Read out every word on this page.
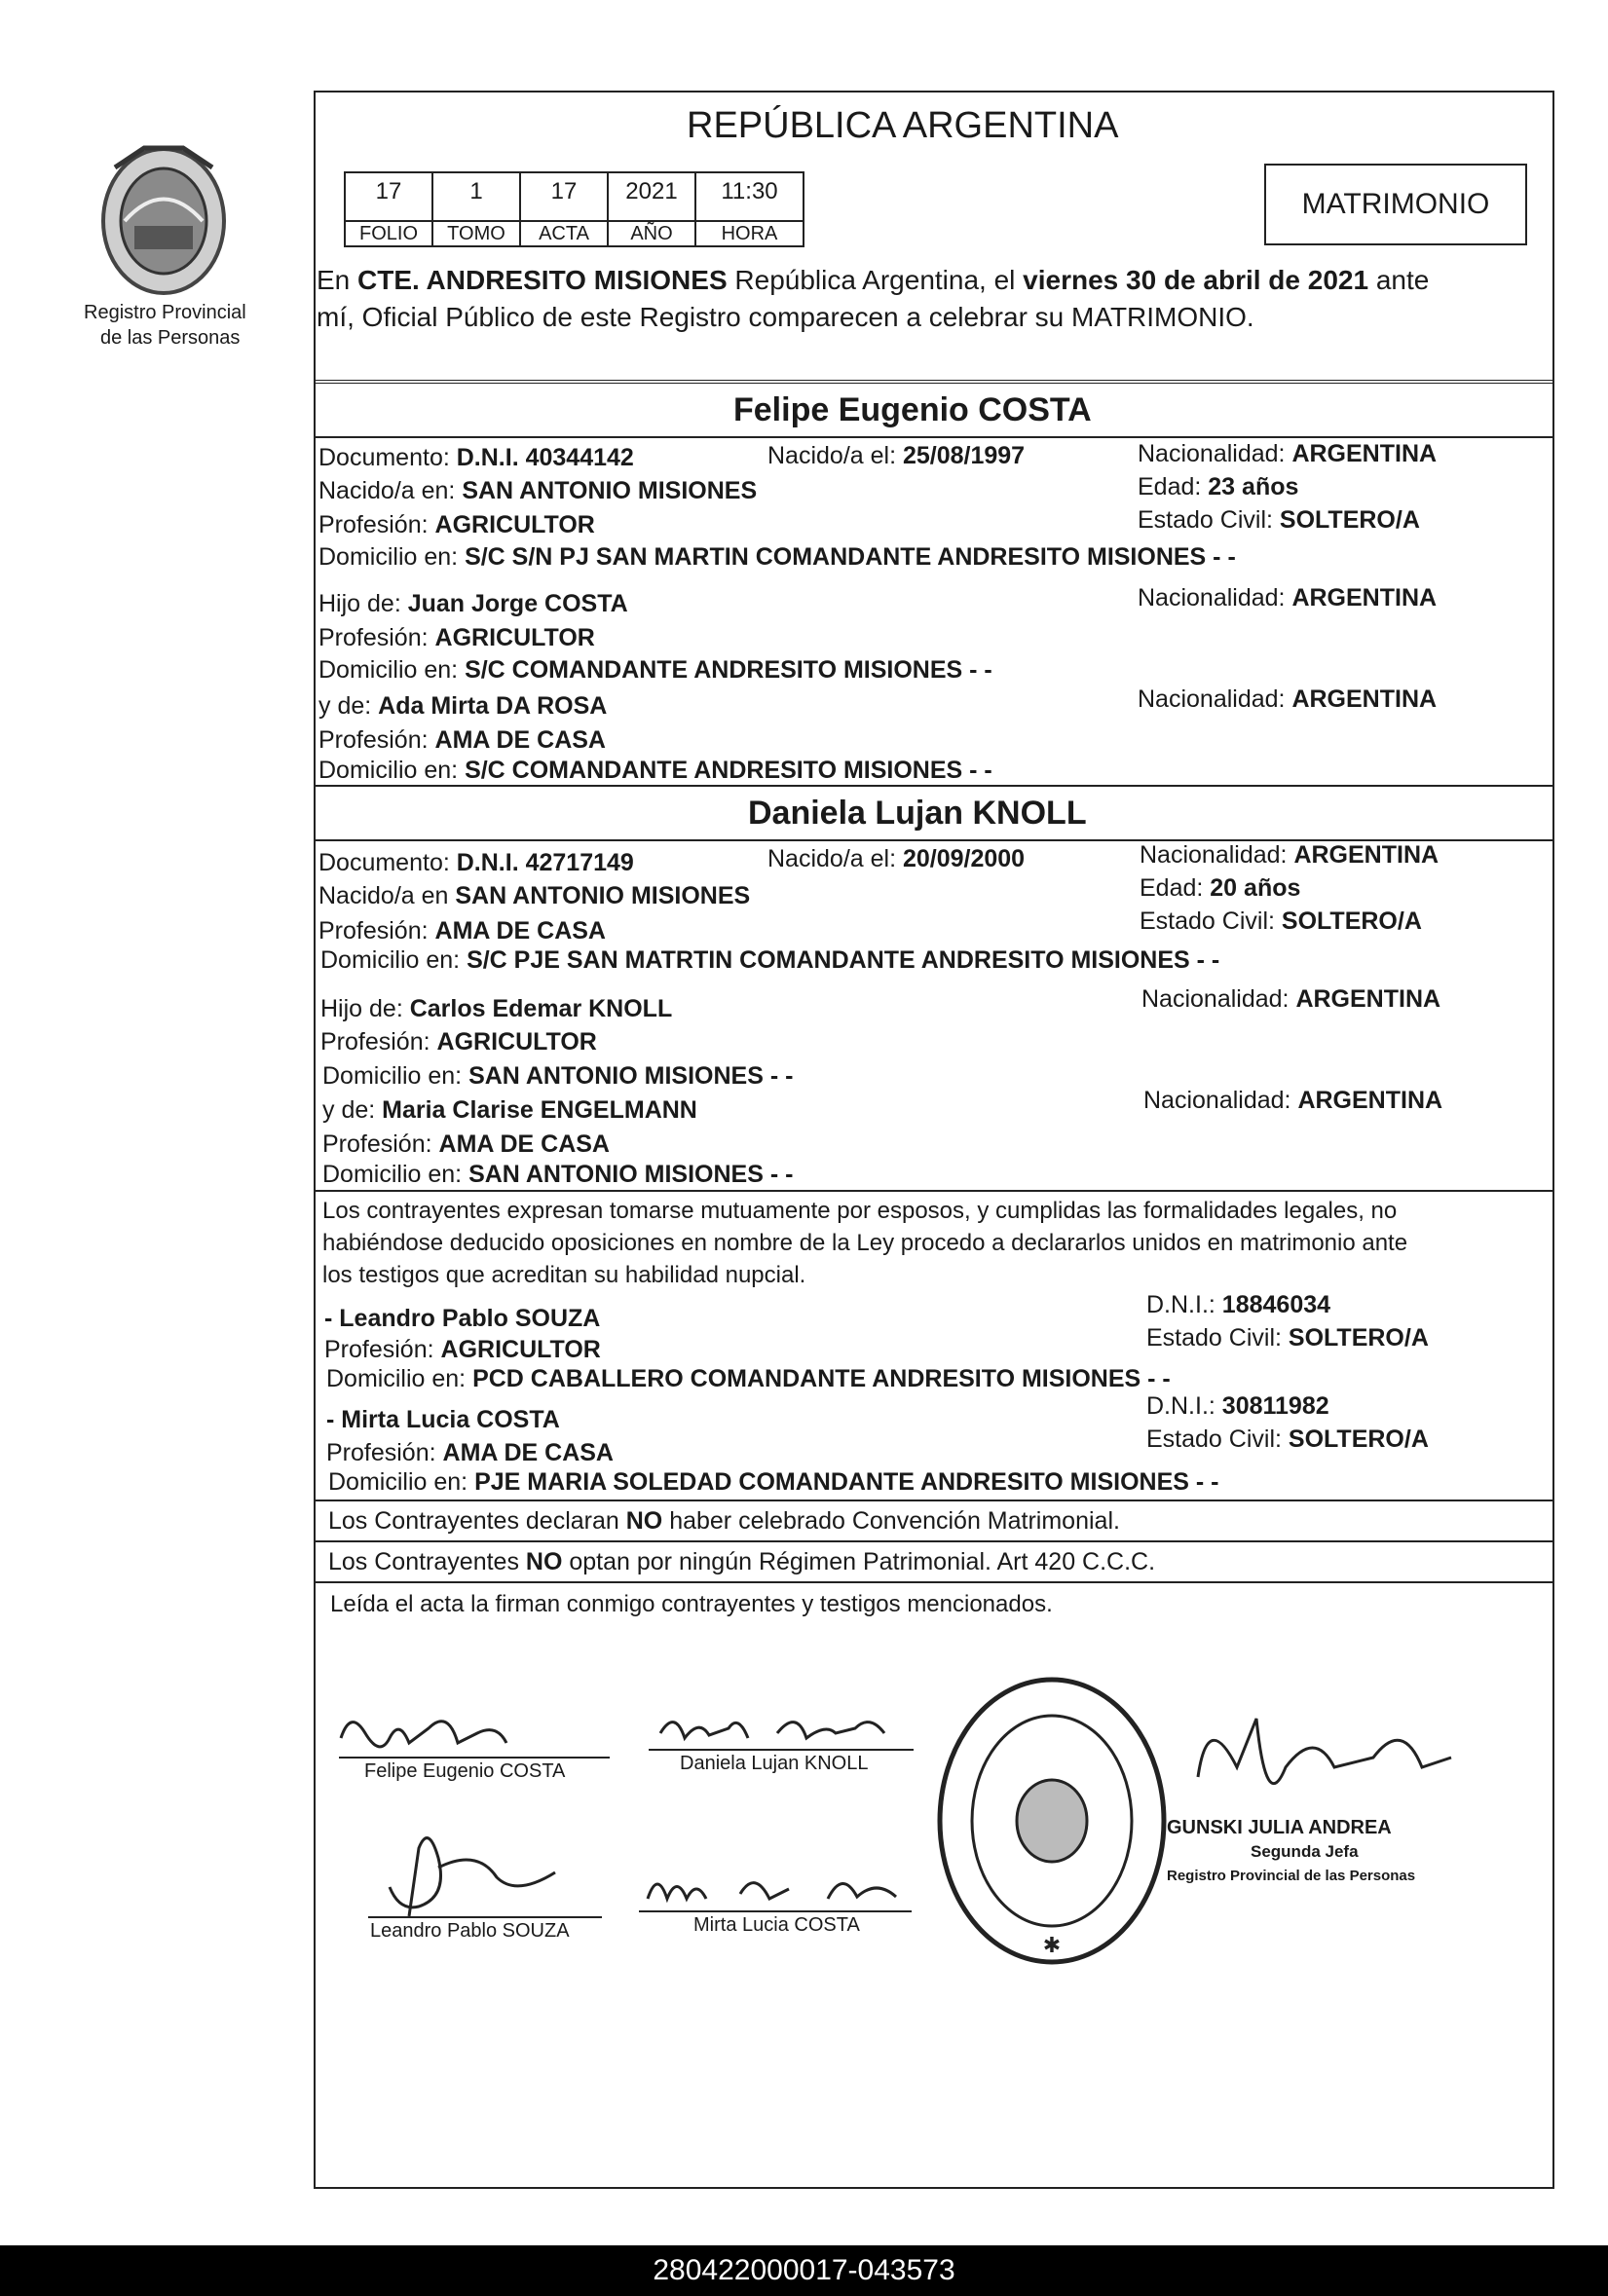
Registro Provincial
de las Personas
REPÚBLICA ARGENTINA
17	1	17	2021	11:30
FOLIO	TOMO	ACTA	AÑO	HORA
MATRIMONIO
En CTE. ANDRESITO MISIONES República Argentina, el viernes 30 de abril de 2021 ante
mí, Oficial Público de este Registro comparecen a celebrar su MATRIMONIO.
Felipe Eugenio COSTA
Documento: D.N.I. 40344142	Nacido/a el: 25/08/1997	Nacionalidad: ARGENTINA
Nacido/a en: SAN ANTONIO MISIONES	Edad: 23 años
Profesión: AGRICULTOR	Estado Civil: SOLTERO/A
Domicilio en: S/C S/N PJ SAN MARTIN COMANDANTE ANDRESITO MISIONES - -
Hijo de: Juan Jorge COSTA	Nacionalidad: ARGENTINA
Profesión: AGRICULTOR
Domicilio en: S/C COMANDANTE ANDRESITO MISIONES - -
y de: Ada Mirta DA ROSA	Nacionalidad: ARGENTINA
Profesión: AMA DE CASA
Domicilio en: S/C COMANDANTE ANDRESITO MISIONES - -
Daniela Lujan KNOLL
Documento: D.N.I. 42717149	Nacido/a el: 20/09/2000	Nacionalidad: ARGENTINA
Nacido/a en SAN ANTONIO MISIONES	Edad: 20 años
Profesión: AMA DE CASA	Estado Civil: SOLTERO/A
Domicilio en: S/C PJE SAN MATRTIN COMANDANTE ANDRESITO MISIONES - -
Hijo de: Carlos Edemar KNOLL	Nacionalidad: ARGENTINA
Profesión: AGRICULTOR
Domicilio en: SAN ANTONIO MISIONES - -
y de: Maria Clarise ENGELMANN	Nacionalidad: ARGENTINA
Profesión: AMA DE CASA
Domicilio en: SAN ANTONIO MISIONES - -
Los contrayentes expresan tomarse mutuamente por esposos, y cumplidas las formalidades legales, no
habiéndose deducido oposiciones en nombre de la Ley procedo a declararlos unidos en matrimonio ante
los testigos que acreditan su habilidad nupcial.
- Leandro Pablo SOUZA	D.N.I.: 18846034
Profesión: AGRICULTOR	Estado Civil: SOLTERO/A
Domicilio en: PCD CABALLERO COMANDANTE ANDRESITO MISIONES - -
- Mirta Lucia COSTA	D.N.I.: 30811982
Profesión: AMA DE CASA	Estado Civil: SOLTERO/A
Domicilio en: PJE MARIA SOLEDAD COMANDANTE ANDRESITO MISIONES - -
Los Contrayentes declaran NO haber celebrado Convención Matrimonial.
Los Contrayentes NO optan por ningún Régimen Patrimonial. Art 420 C.C.C.
Leída el acta la firman conmigo contrayentes y testigos mencionados.
Felipe Eugenio COSTA	Daniela Lujan KNOLL
Leandro Pablo SOUZA	Mirta Lucia COSTA
✱
GUNSKI JULIA ANDREA
Segunda Jefa
Registro Provincial de las Personas
280422000017-043573
